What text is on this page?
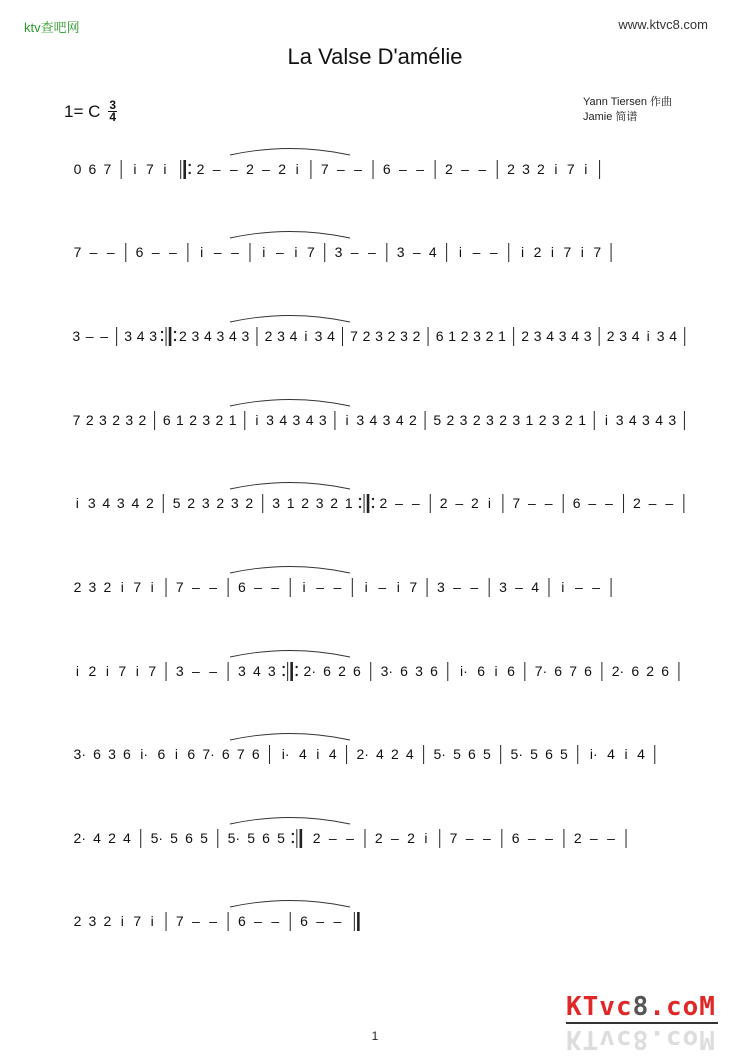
ktv查吧网	www.ktvc8.com
La Valse D'amélie
1= C $\frac{3}{4}$	Yann Tiersen 作曲
Jamie 简谱
0 6 7 i 7 i 2 – – 2 – 2 i 7 – – 6 – – 2 – – 2 3 2 i 7 i
7 – – 6 – – i – – i – i 7 3 – – 3 – 4 i – – i 2 i 7 i 7
3 – – 3 4 3 2 3 4 3 4 3 2 3 4 i 3 4 7 2 3 2 3 2 6 1 2 3 2 1 2 3 4 3 4 3 2 3 4 i 3 4
7 2 3 2 3 2 6 1 2 3 2 1 i 3 4 3 4 3 i 3 4 3 4 2 5 2 3 2 3 2 3 1 2 3 2 1 i 3 4 3 4 3
i 3 4 3 4 2 5 2 3 2 3 2 3 1 2 3 2 1 2 – – 2 – 2 i 7 – – 6 – – 2 – –
2 3 2 i 7 i 7 – – 6 – – i – – i – i 7 3 – – 3 – 4 i – –
i 2 i 7 i 7 3 – – 3 4 3 2· 6 2 6 3· 6 3 6 i· 6 i 6 7· 6 7 6 2· 6 2 6
3· 6 3 6 i· 6 i 6 7· 6 7 6 i· 4 i 4 2· 4 2 4 5· 5 6 5 5· 5 6 5 i· 4 i 4
2· 4 2 4 5· 5 6 5 5· 5 6 5 2 – – 2 – 2 i 7 – – 6 – – 2 – –
2 3 2 i 7 i 7 – – 6 – – 6 – –
1
KTvc8.coM
KTvc8.coM
